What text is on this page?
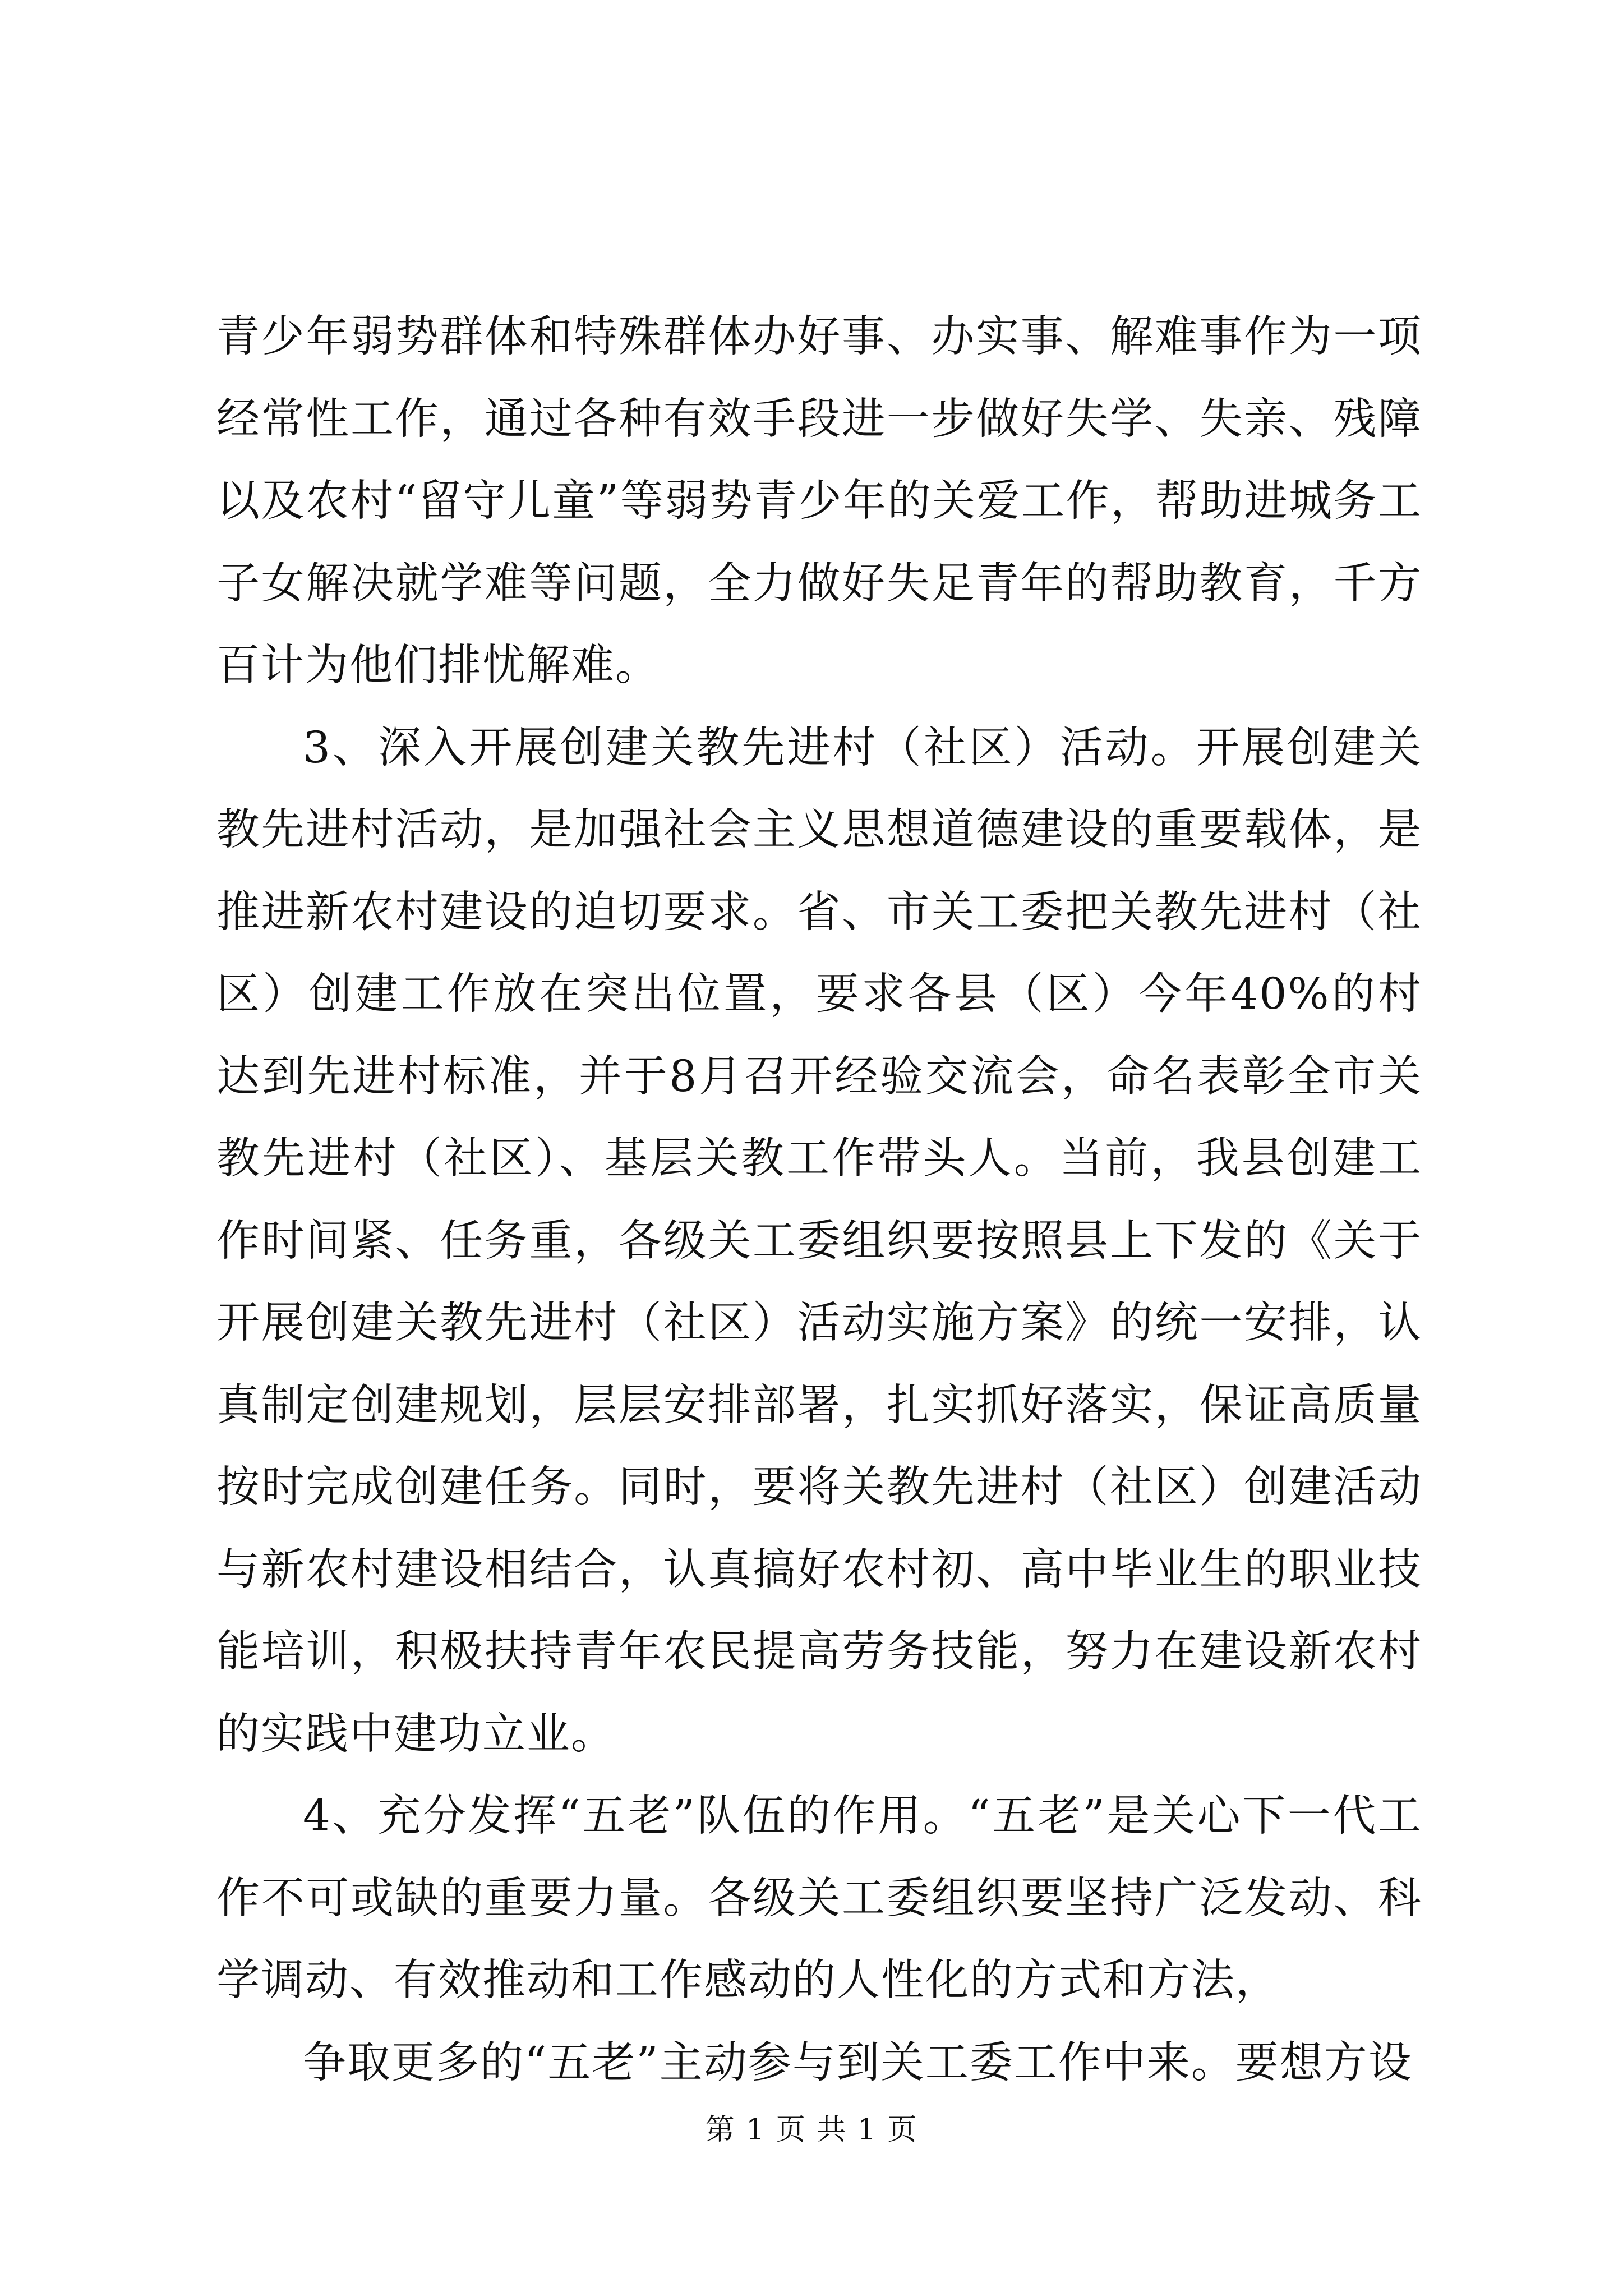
青少年弱势群体和特殊群体办好事、办实事、解难事作为一项经常性工作，通过各种有效手段进一步做好失学、失亲、残障以及农村“留守儿童”等弱势青少年的关爱工作，帮助进城务工子女解决就学难等问题，全力做好失足青年的帮助教育，千方百计为他们排忧解难。

3、深入开展创建关教先进村（社区）活动。开展创建关教先进村活动，是加强社会主义思想道德建设的重要载体，是推进新农村建设的迫切要求。省、市关工委把关教先进村（社区）创建工作放在突出位置，要求各县（区）今年40%的村达到先进村标准，并于8月召开经验交流会，命名表彰全市关教先进村（社区）、基层关教工作带头人。当前，我县创建工作时间紧、任务重，各级关工委组织要按照县上下发的《关于开展创建关教先进村（社区）活动实施方案》的统一安排，认真制定创建规划，层层安排部署，扎实抓好落实，保证高质量按时完成创建任务。同时，要将关教先进村（社区）创建活动与新农村建设相结合，认真搞好农村初、高中毕业生的职业技能培训，积极扶持青年农民提高劳务技能，努力在建设新农村的实践中建功立业。

4、充分发挥“五老”队伍的作用。“五老”是关心下一代工作不可或缺的重要力量。各级关工委组织要坚持广泛发动、科学调动、有效推动和工作感动的人性化的方式和方法，

争取更多的“五老”主动参与到关工委工作中来。要想方设

第 1 页 共 1 页
